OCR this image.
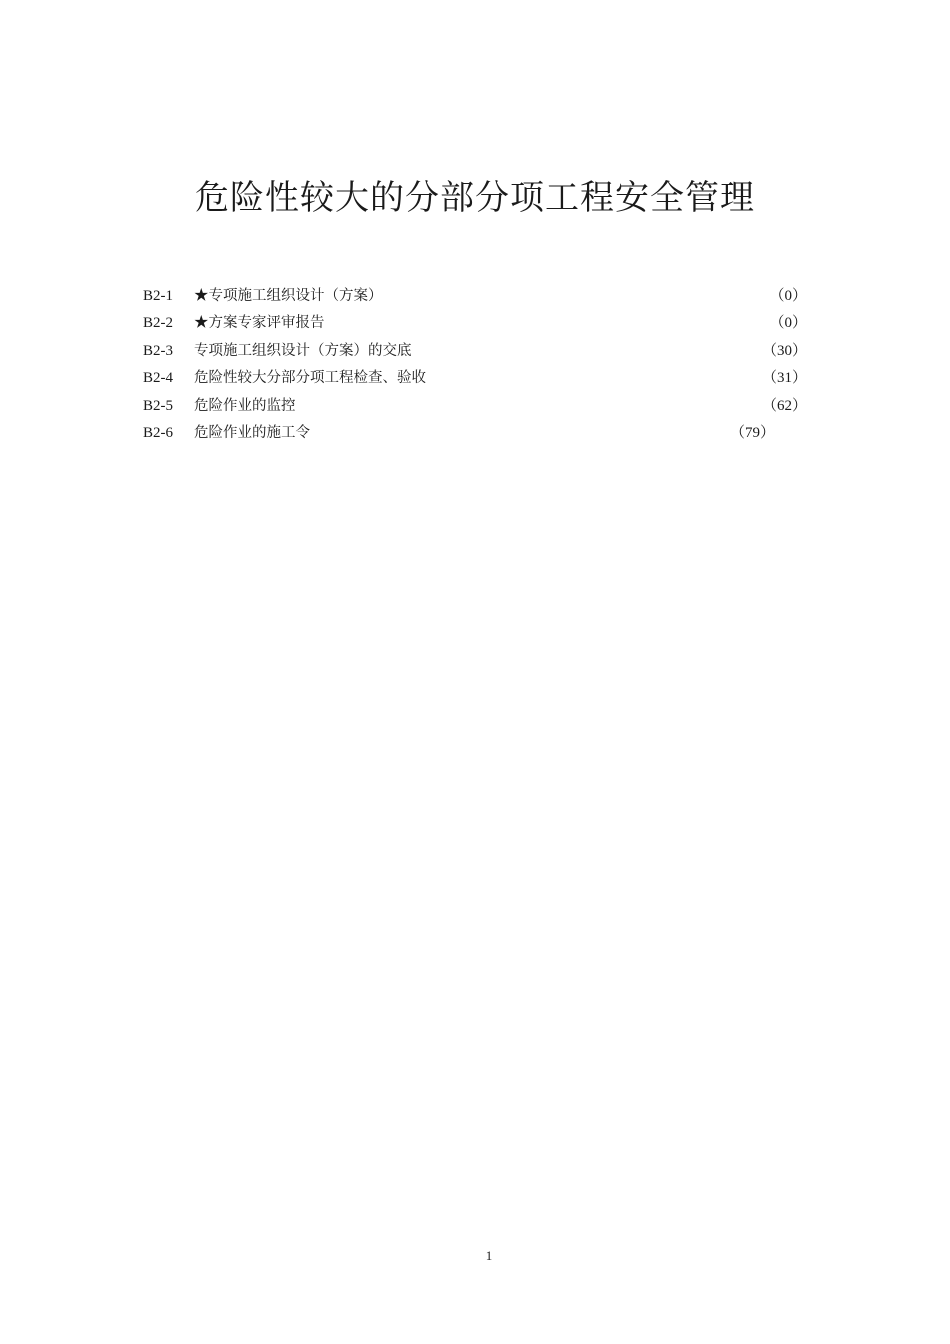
危险性较大的分部分项工程安全管理
B2-1	★专项施工组织设计（方案）	（0）
B2-2	★方案专家评审报告	（0）
B2-3	专项施工组织设计（方案）的交底	（30）
B2-4	危险性较大分部分项工程检查、验收	（31）
B2-5	危险作业的监控	（62）
B2-6	危险作业的施工令	（79）
1
